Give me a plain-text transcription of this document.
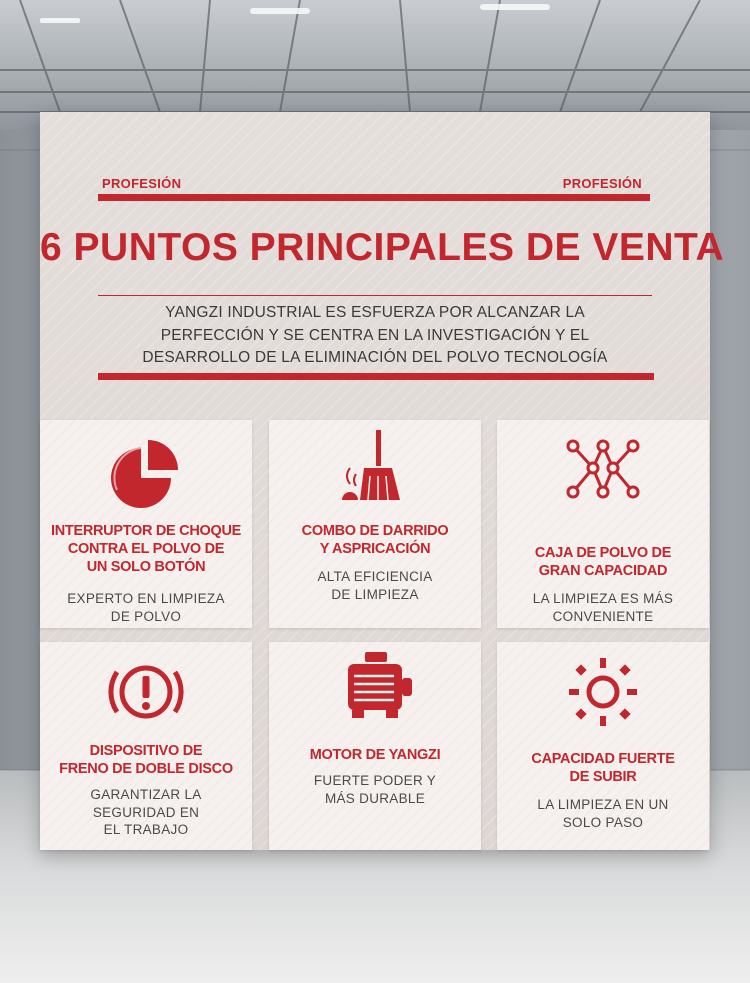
PROFESIÓN	PROFESIÓN
6 PUNTOS PRINCIPALES DE VENTA
YANGZI INDUSTRIAL ES ESFUERZA POR ALCANZAR LA
PERFECCIÓN Y SE CENTRA EN LA INVESTIGACIÓN Y EL
DESARROLLO DE LA ELIMINACIÓN DEL POLVO TECNOLOGÍA
INTERRUPTOR DE CHOQUE
CONTRA EL POLVO DE
UN SOLO BOTÓN
EXPERTO EN LIMPIEZA
DE POLVO
COMBO DE DARRIDO
Y ASPRICACIÓN
ALTA EFICIENCIA
DE LIMPIEZA
CAJA DE POLVO DE
GRAN CAPACIDAD
LA LIMPIEZA ES MÁS
CONVENIENTE
DISPOSITIVO DE
FRENO DE DOBLE DISCO
GARANTIZAR LA
SEGURIDAD EN
EL TRABAJO
MOTOR DE YANGZI
FUERTE PODER Y
MÁS DURABLE
CAPACIDAD FUERTE
DE SUBIR
LA LIMPIEZA EN UN
SOLO PASO
